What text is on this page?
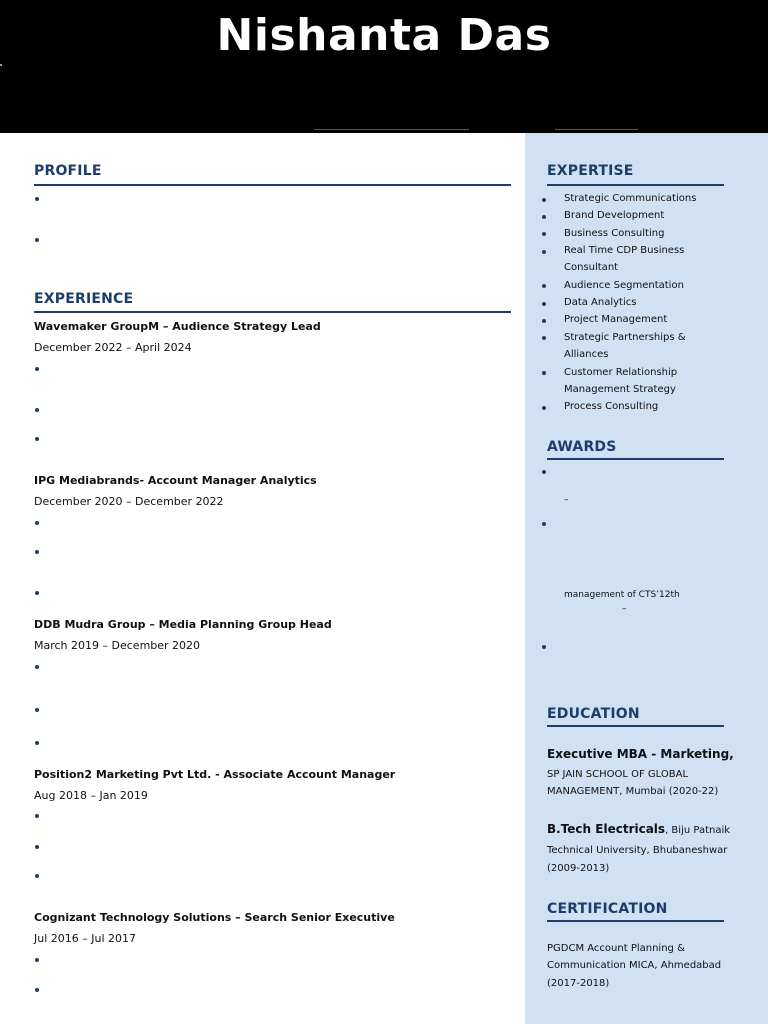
Nishanta Das
PROFILE
EXPERIENCE
Wavemaker GroupM – Audience Strategy Lead
December 2022 – April 2024
IPG Mediabrands- Account Manager Analytics
December 2020 – December 2022
DDB Mudra Group – Media Planning Group Head
March 2019 – December 2020
Position2 Marketing Pvt Ltd. - Associate Account Manager
Aug 2018 – Jan 2019
Cognizant Technology Solutions – Search Senior Executive
Jul 2016 – Jul 2017
EXPERTISE
Strategic Communications
Brand Development
Business Consulting
Real Time CDP Business
Consultant
Audience Segmentation
Data Analytics
Project Management
Strategic Partnerships &
Alliances
Customer Relationship
Management Strategy
Process Consulting
AWARDS
–
management of CTS’12th
–
EDUCATION
Executive MBA - Marketing,
SP JAIN SCHOOL OF GLOBAL
MANAGEMENT, Mumbai (2020-22)
B.Tech Electricals, Biju Patnaik
Technical University, Bhubaneshwar
(2009-2013)
CERTIFICATION
PGDCM Account Planning &
Communication MICA, Ahmedabad
(2017-2018)
